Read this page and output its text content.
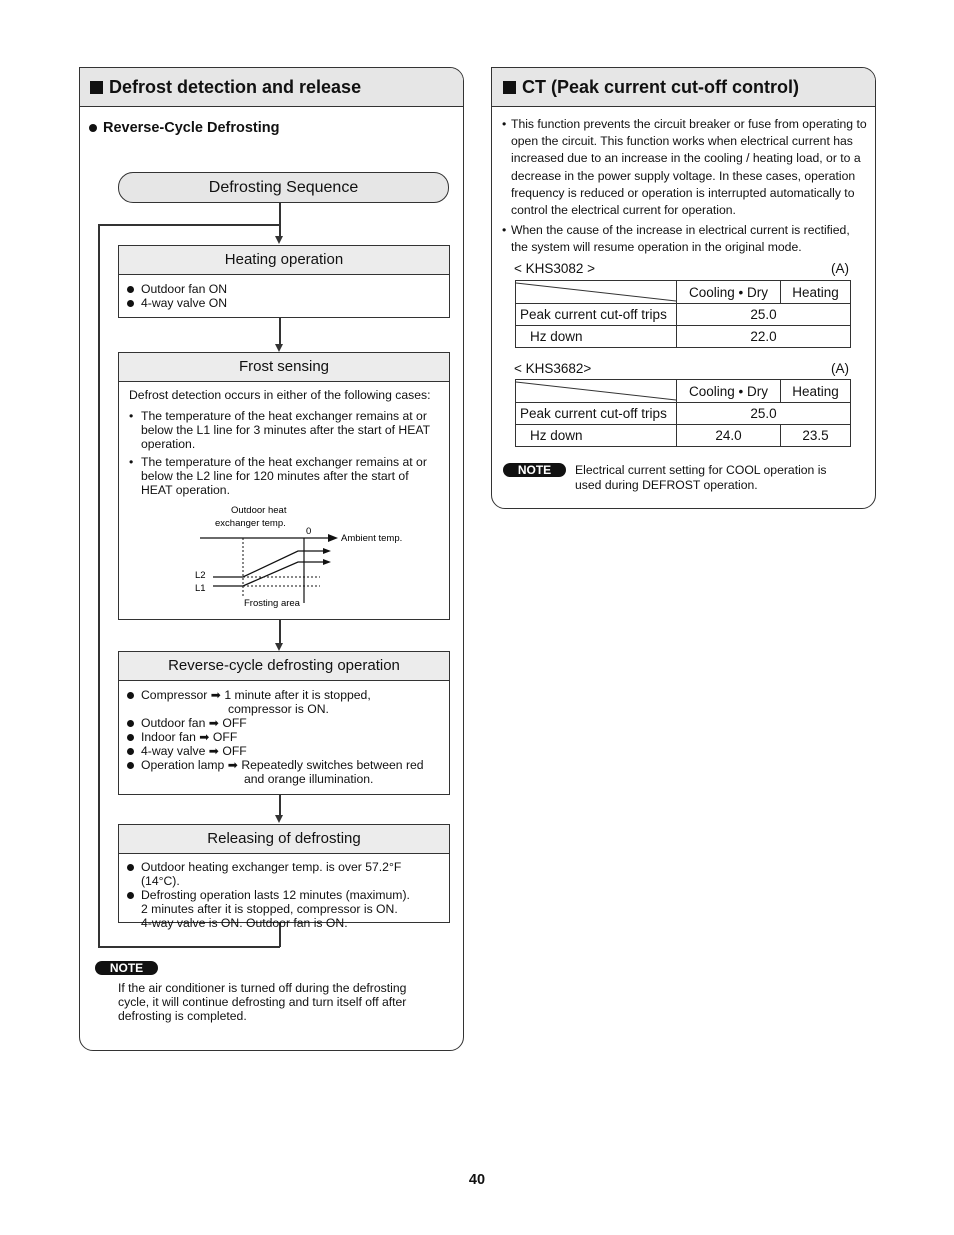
Defrost detection and release
Reverse-Cycle Defrosting
Defrosting Sequence
Heating operation
Outdoor fan ON
4-way valve ON
Frost sensing
Defrost detection occurs in either of the following cases:
• The temperature of the heat exchanger remains at or below the L1 line for 3 minutes after the start of HEAT operation.
• The temperature of the heat exchanger remains at or below the L2 line for 120 minutes after the start of HEAT operation.
Outdoor heat
exchanger temp.
0
Ambient temp.
L2
L1
Frosting area
Reverse-cycle defrosting operation
Compressor ➡ 1 minute after it is stopped,
compressor is ON.
Outdoor fan ➡ OFF
Indoor fan ➡ OFF
4-way valve ➡ OFF
Operation lamp ➡ Repeatedly switches between red
and orange illumination.
Releasing of defrosting
Outdoor heating exchanger temp. is over 57.2°F (14°C).
Defrosting operation lasts 12 minutes (maximum).
2 minutes after it is stopped, compressor is ON.
4-way valve is ON. Outdoor fan is ON.
NOTE
If the air conditioner is turned off during the defrosting cycle, it will continue defrosting and turn itself off after defrosting is completed.
CT (Peak current cut-off control)
• This function prevents the circuit breaker or fuse from operating to open the circuit. This function works when electrical current has increased due to an increase in the cooling / heating load, or to a decrease in the power supply voltage. In these cases, operation frequency is reduced or operation is interrupted automatically to control the electrical current for operation.
• When the cause of the increase in electrical current is rectified, the system will resume operation in the original mode.
< KHS3082 >	(A)
	Cooling • Dry	Heating
Peak current cut-off trips	25.0	
Hz down	22.0	
< KHS3682>	(A)
	Cooling • Dry	Heating
Peak current cut-off trips	25.0	
Hz down	24.0	23.5
NOTE	Electrical current setting for COOL operation is used during DEFROST operation.
40
